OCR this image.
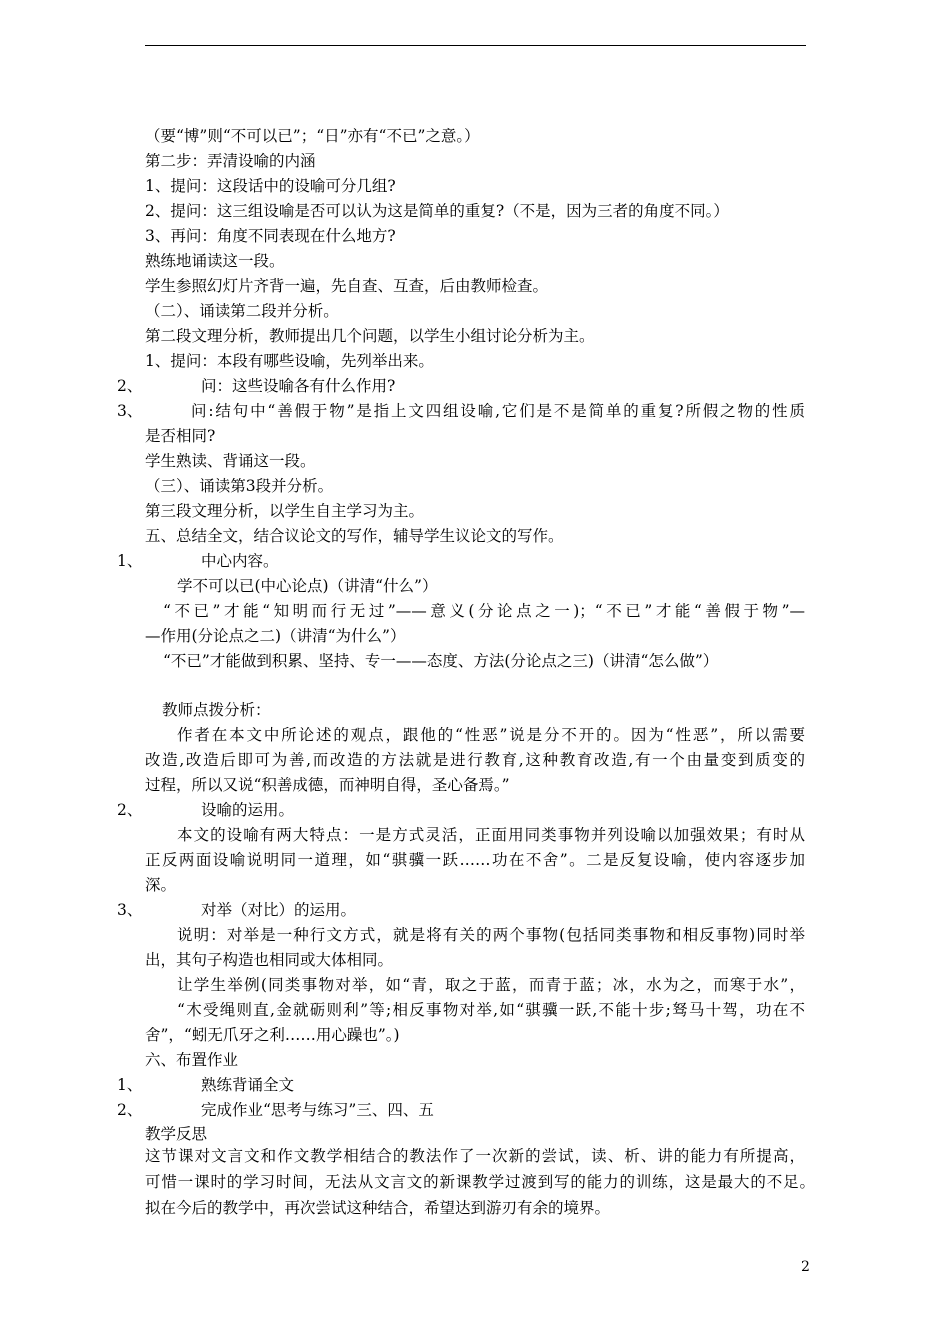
（要“博”则“不可以已”；“日”亦有“不已”之意。）
第二步：弄清设喻的内涵
1、提问：这段话中的设喻可分几组?
2、提问：这三组设喻是否可以认为这是简单的重复?（不是，因为三者的角度不同。）
3、再问：角度不同表现在什么地方?
熟练地诵读这一段。
学生参照幻灯片齐背一遍，先自查、互查，后由教师检查。
（二）、诵读第二段并分析。
第二段文理分析，教师提出几个问题，以学生小组讨论分析为主。
1、提问：本段有哪些设喻，先列举出来。
2、	问：这些设喻各有什么作用?
3、	问:结句中“善假于物”是指上文四组设喻,它们是不是简单的重复?所假之物的性质
是否相同?
学生熟读、背诵这一段。
（三）、诵读第3段并分析。
第三段文理分析，以学生自主学习为主。
五、总结全文，结合议论文的写作，辅导学生议论文的写作。
1、	中心内容。
学不可以已(中心论点)（讲清“什么”）
“不已”才能“知明而行无过”——意义(分论点之一)；“不已”才能“善假于物”—
—作用(分论点之二)（讲清“为什么”）
“不已”才能做到积累、坚持、专一——态度、方法(分论点之三)（讲清“怎么做”）
教师点拨分析：
作者在本文中所论述的观点，跟他的“性恶”说是分不开的。因为“性恶”，所以需要
改造,改造后即可为善,而改造的方法就是进行教育,这种教育改造,有一个由量变到质变的
过程，所以又说“积善成德，而神明自得，圣心备焉。”
2、	设喻的运用。
本文的设喻有两大特点：一是方式灵活，正面用同类事物并列设喻以加强效果；有时从
正反两面设喻说明同一道理，如“骐骥一跃……功在不舍”。二是反复设喻，使内容逐步加
深。
3、	对举（对比）的运用。
说明：对举是一种行文方式，就是将有关的两个事物(包括同类事物和相反事物)同时举
出，其句子构造也相同或大体相同。
让学生举例(同类事物对举，如“青，取之于蓝，而青于蓝；冰，水为之，而寒于水”，
“木受绳则直,金就砺则利”等;相反事物对举,如“骐骥一跃,不能十步;驽马十驾，功在不
舍”，“蚓无爪牙之利……用心躁也”。)
六、布置作业
1、	熟练背诵全文
2、	完成作业“思考与练习”三、四、五
教学反思
这节课对文言文和作文教学相结合的教法作了一次新的尝试，读、析、讲的能力有所提高，
可惜一课时的学习时间，无法从文言文的新课教学过渡到写的能力的训练，这是最大的不足。
拟在今后的教学中，再次尝试这种结合，希望达到游刃有余的境界。
2
